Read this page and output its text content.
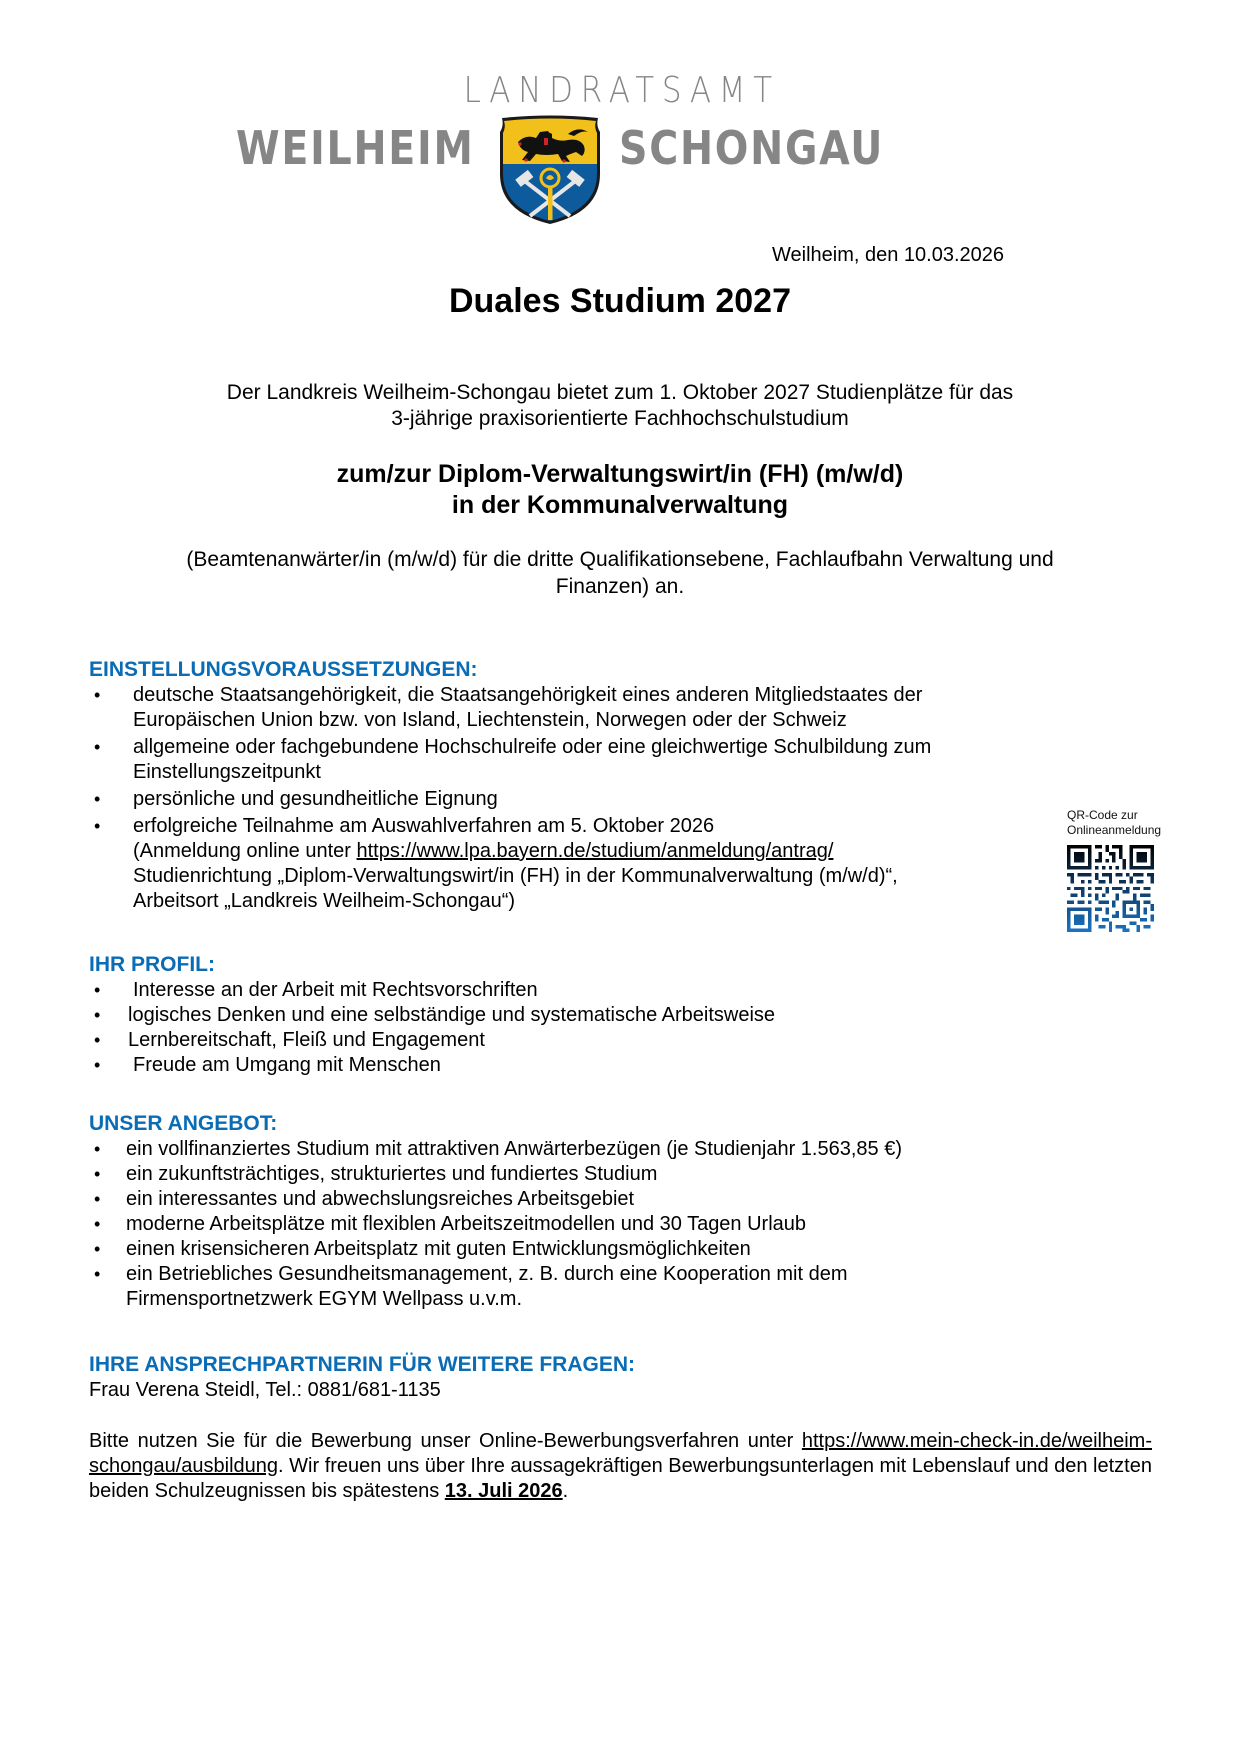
LANDRATSAMT
WEILHEIM	SCHONGAU
Weilheim, den 10.03.2026
Duales Studium 2027
Der Landkreis Weilheim-Schongau bietet zum 1. Oktober 2027 Studienplätze für das
3-jährige praxisorientierte Fachhochschulstudium
zum/zur Diplom-Verwaltungswirt/in (FH) (m/w/d)
in der Kommunalverwaltung
(Beamtenanwärter/in (m/w/d) für die dritte Qualifikationsebene, Fachlaufbahn Verwaltung und
Finanzen) an.
EINSTELLUNGSVORAUSSETZUNGEN:
• deutsche Staatsangehörigkeit, die Staatsangehörigkeit eines anderen Mitgliedstaates der
Europäischen Union bzw. von Island, Liechtenstein, Norwegen oder der Schweiz
• allgemeine oder fachgebundene Hochschulreife oder eine gleichwertige Schulbildung zum
Einstellungszeitpunkt
• persönliche und gesundheitliche Eignung
• erfolgreiche Teilnahme am Auswahlverfahren am 5. Oktober 2026
(Anmeldung online unter https://www.lpa.bayern.de/studium/anmeldung/antrag/
Studienrichtung „Diplom-Verwaltungswirt/in (FH) in der Kommunalverwaltung (m/w/d)“,
Arbeitsort „Landkreis Weilheim-Schongau“)
QR-Code zur
Onlineanmeldung
IHR PROFIL:
• Interesse an der Arbeit mit Rechtsvorschriften
• logisches Denken und eine selbständige und systematische Arbeitsweise
• Lernbereitschaft, Fleiß und Engagement
• Freude am Umgang mit Menschen
UNSER ANGEBOT:
• ein vollfinanziertes Studium mit attraktiven Anwärterbezügen (je Studienjahr 1.563,85 €)
• ein zukunftsträchtiges, strukturiertes und fundiertes Studium
• ein interessantes und abwechslungsreiches Arbeitsgebiet
• moderne Arbeitsplätze mit flexiblen Arbeitszeitmodellen und 30 Tagen Urlaub
• einen krisensicheren Arbeitsplatz mit guten Entwicklungsmöglichkeiten
• ein Betriebliches Gesundheitsmanagement, z. B. durch eine Kooperation mit dem
Firmensportnetzwerk EGYM Wellpass u.v.m.
IHRE ANSPRECHPARTNERIN FÜR WEITERE FRAGEN:
Frau Verena Steidl, Tel.: 0881/681-1135
Bitte nutzen Sie für die Bewerbung unser Online-Bewerbungsverfahren unter https://www.mein-check-in.de/weilheim-schongau/ausbildung. Wir freuen uns über Ihre aussagekräftigen Bewerbungsunterlagen mit Lebenslauf und den letzten beiden Schulzeugnissen bis spätestens 13. Juli 2026.
